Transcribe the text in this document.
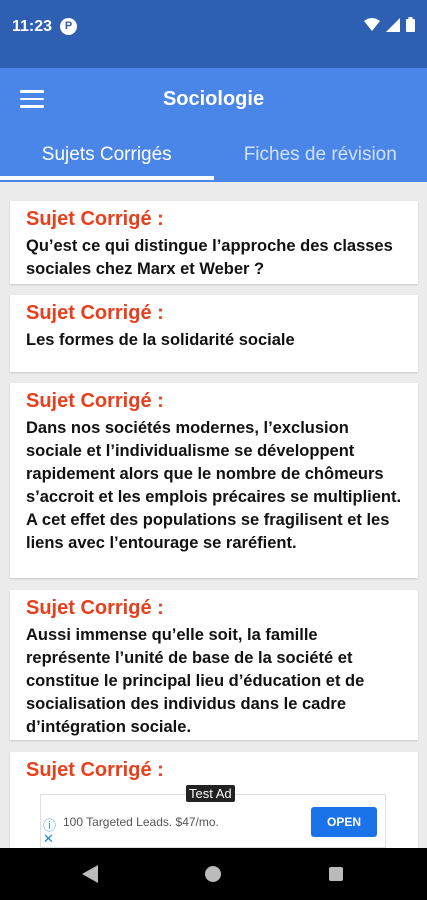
11:23	P
Sociologie
Sujets Corrigés	Fiches de révision
Sujet Corrigé :
Qu’est ce qui distingue l’approche des classes sociales chez Marx et Weber ?
Sujet Corrigé :
Les formes de la solidarité sociale
Sujet Corrigé :
Dans nos sociétés modernes, l’exclusion sociale et l’individualisme se développent rapidement alors que le nombre de chômeurs s’accroit et les emplois précaires se multiplient. A cet effet des populations se fragilisent et les liens avec l’entourage se raréfient.
Sujet Corrigé :
Aussi immense qu’elle soit, la famille représente l’unité de base de la société et constitue le principal lieu d’éducation et de socialisation des individus dans le cadre d’intégration sociale.
Sujet Corrigé :
Test Ad
ⓘ
✕
100 Targeted Leads. $47/mo.	OPEN
